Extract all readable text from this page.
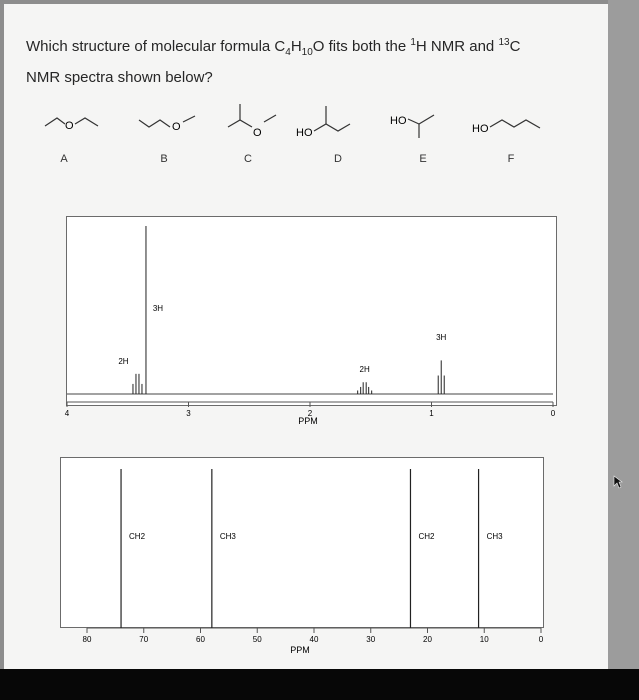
Which structure of molecular formula $C_4H_{10}O$ fits both the $^1$H NMR and $^{13}$C
NMR spectra shown below?
O	O	O	HO
HO
HO
A	B	C	D	E	F
2H
3H
2H
3H
4	3	2	1	0
PPM
CH2	CH3	CH2	CH3
80	70	60	50	40	30	20	10	0
PPM
